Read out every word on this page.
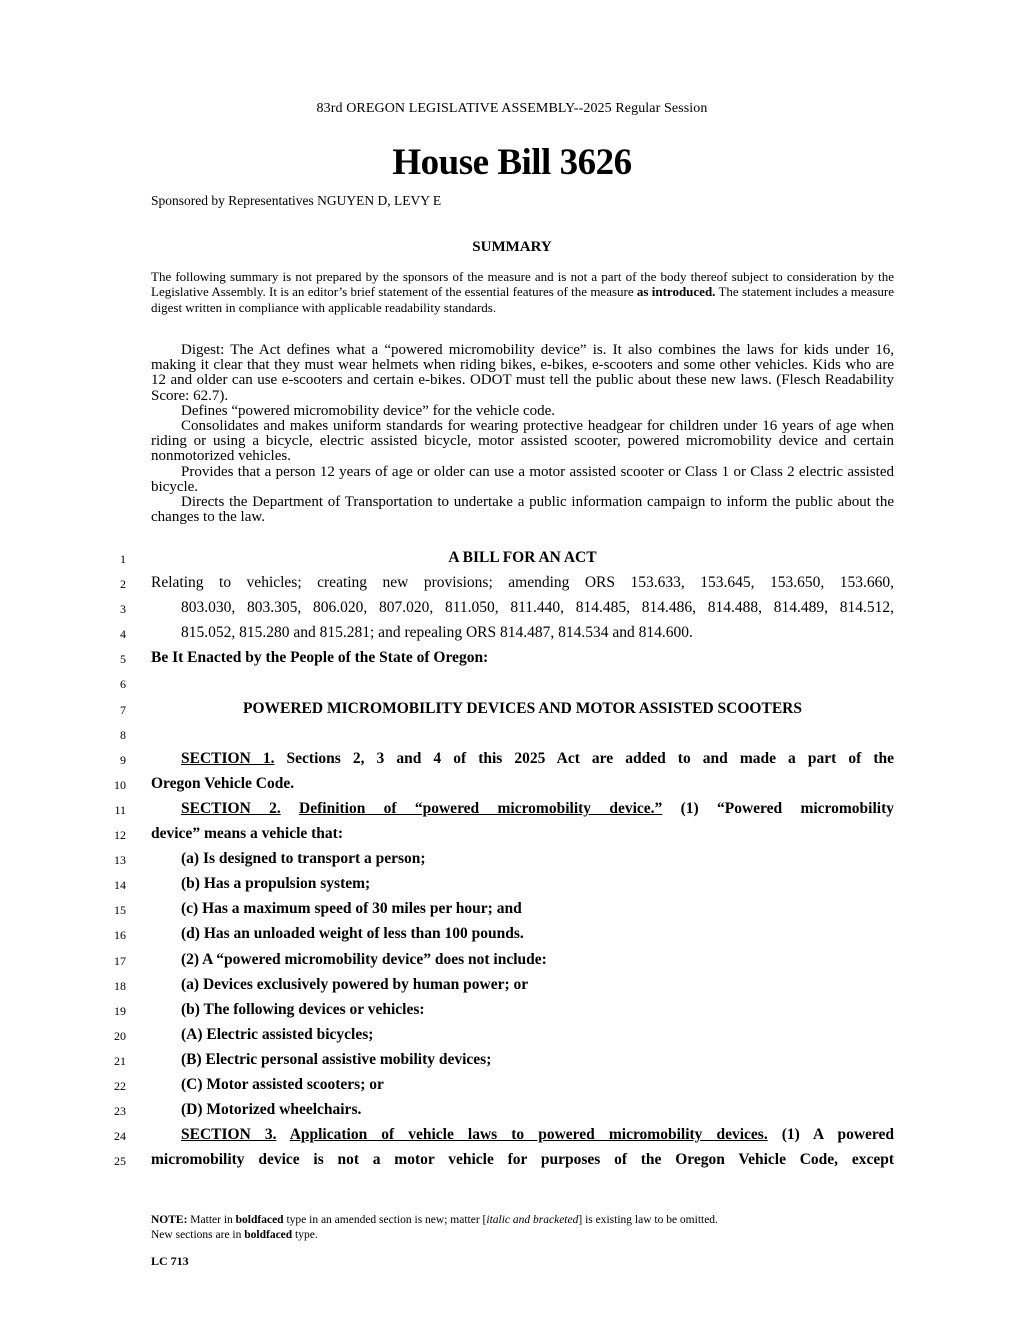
83rd OREGON LEGISLATIVE ASSEMBLY--2025 Regular Session
House Bill 3626
Sponsored by Representatives NGUYEN D, LEVY E
SUMMARY
The following summary is not prepared by the sponsors of the measure and is not a part of the body thereof subject to consideration by the Legislative Assembly. It is an editor’s brief statement of the essential features of the measure as introduced. The statement includes a measure digest written in compliance with applicable readability standards.

Digest: The Act defines what a “powered micromobility device” is. It also combines the laws for kids under 16, making it clear that they must wear helmets when riding bikes, e-bikes, e-scooters and some other vehicles. Kids who are 12 and older can use e-scooters and certain e-bikes. ODOT must tell the public about these new laws. (Flesch Readability Score: 62.7).

Defines “powered micromobility device” for the vehicle code.

Consolidates and makes uniform standards for wearing protective headgear for children under 16 years of age when riding or using a bicycle, electric assisted bicycle, motor assisted scooter, powered micromobility device and certain nonmotorized vehicles.

Provides that a person 12 years of age or older can use a motor assisted scooter or Class 1 or Class 2 electric assisted bicycle.

Directs the Department of Transportation to undertake a public information campaign to inform the public about the changes to the law.

1	A BILL FOR AN ACT
2 Relating to vehicles; creating new provisions; amending ORS 153.633, 153.645, 153.650, 153.660,
3	803.030, 803.305, 806.020, 807.020, 811.050, 811.440, 814.485, 814.486, 814.488, 814.489, 814.512,
4	815.052, 815.280 and 815.281; and repealing ORS 814.487, 814.534 and 814.600.
5 Be It Enacted by the People of the State of Oregon:
6
7	POWERED MICROMOBILITY DEVICES AND MOTOR ASSISTED SCOOTERS
8
9	SECTION 1. Sections 2, 3 and 4 of this 2025 Act are added to and made a part of the
10 Oregon Vehicle Code.
11	SECTION 2. Definition of “powered micromobility device.” (1) “Powered micromobility
12 device” means a vehicle that:
13	(a) Is designed to transport a person;
14	(b) Has a propulsion system;
15	(c) Has a maximum speed of 30 miles per hour; and
16	(d) Has an unloaded weight of less than 100 pounds.
17	(2) A “powered micromobility device” does not include:
18	(a) Devices exclusively powered by human power; or
19	(b) The following devices or vehicles:
20	(A) Electric assisted bicycles;
21	(B) Electric personal assistive mobility devices;
22	(C) Motor assisted scooters; or
23	(D) Motorized wheelchairs.
24	SECTION 3. Application of vehicle laws to powered micromobility devices. (1) A powered
25 micromobility device is not a motor vehicle for purposes of the Oregon Vehicle Code, except
NOTE: Matter in boldfaced type in an amended section is new; matter [italic and bracketed] is existing law to be omitted.
New sections are in boldfaced type.
LC 713
